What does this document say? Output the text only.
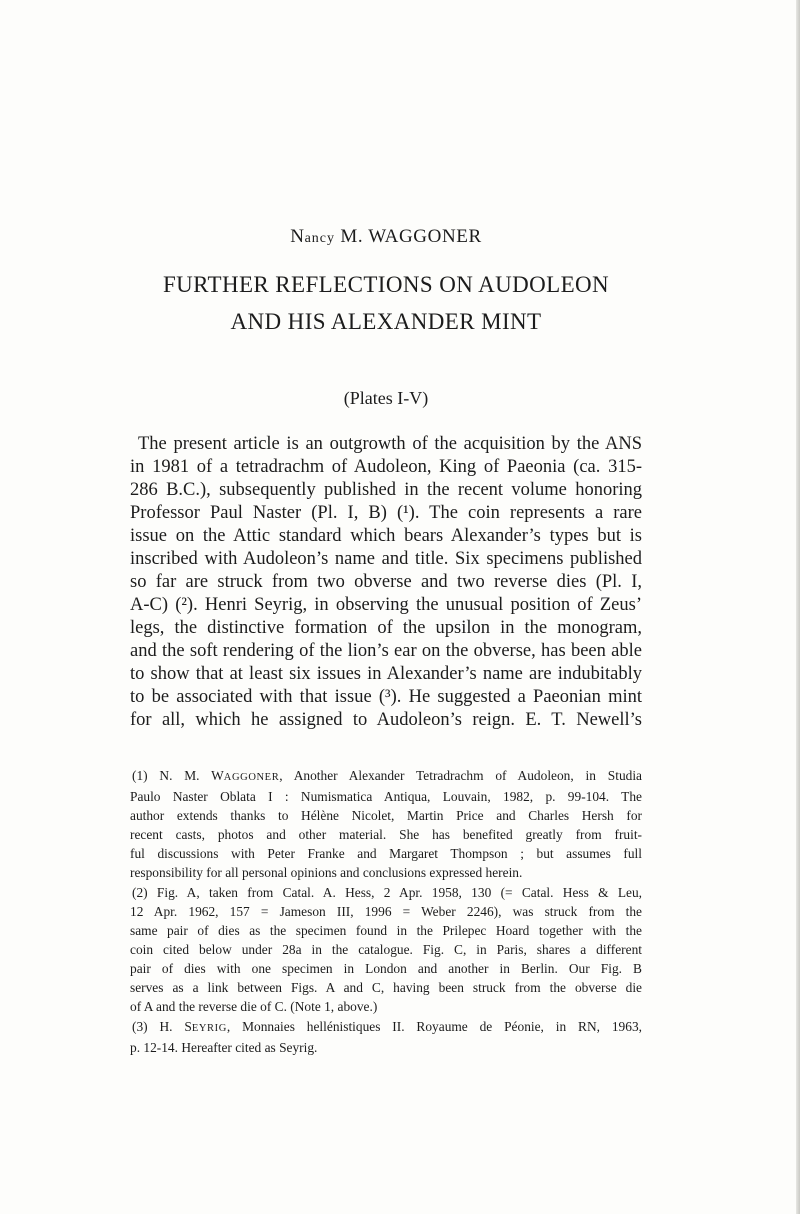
Nancy M. WAGGONER
FURTHER REFLECTIONS ON AUDOLEON
AND HIS ALEXANDER MINT
(Plates I-V)
The present article is an outgrowth of the acquisition by the ANS
in 1981 of a tetradrachm of Audoleon, King of Paeonia (ca. 315-
286 B.C.), subsequently published in the recent volume honoring
Professor Paul Naster (Pl. I, B) (¹). The coin represents a rare
issue on the Attic standard which bears Alexander’s types but is
inscribed with Audoleon’s name and title. Six specimens published
so far are struck from two obverse and two reverse dies (Pl. I,
A-C) (²). Henri Seyrig, in observing the unusual position of Zeus’
legs, the distinctive formation of the upsilon in the monogram,
and the soft rendering of the lion’s ear on the obverse, has been able
to show that at least six issues in Alexander’s name are indubitably
to be associated with that issue (³). He suggested a Paeonian mint
for all, which he assigned to Audoleon’s reign. E. T. Newell’s
(1) N. M. WAGGONER, Another Alexander Tetradrachm of Audoleon, in Studia
Paulo Naster Oblata I : Numismatica Antiqua, Louvain, 1982, p. 99-104. The
author extends thanks to Hélène Nicolet, Martin Price and Charles Hersh for
recent casts, photos and other material. She has benefited greatly from fruit-
ful discussions with Peter Franke and Margaret Thompson ; but assumes full
responsibility for all personal opinions and conclusions expressed herein.
(2) Fig. A, taken from Catal. A. Hess, 2 Apr. 1958, 130 (= Catal. Hess & Leu,
12 Apr. 1962, 157 = Jameson III, 1996 = Weber 2246), was struck from the
same pair of dies as the specimen found in the Prilepec Hoard together with the
coin cited below under 28a in the catalogue. Fig. C, in Paris, shares a different
pair of dies with one specimen in London and another in Berlin. Our Fig. B
serves as a link between Figs. A and C, having been struck from the obverse die
of A and the reverse die of C. (Note 1, above.)
(3) H. SEYRIG, Monnaies hellénistiques II. Royaume de Péonie, in RN, 1963,
p. 12-14. Hereafter cited as Seyrig.
